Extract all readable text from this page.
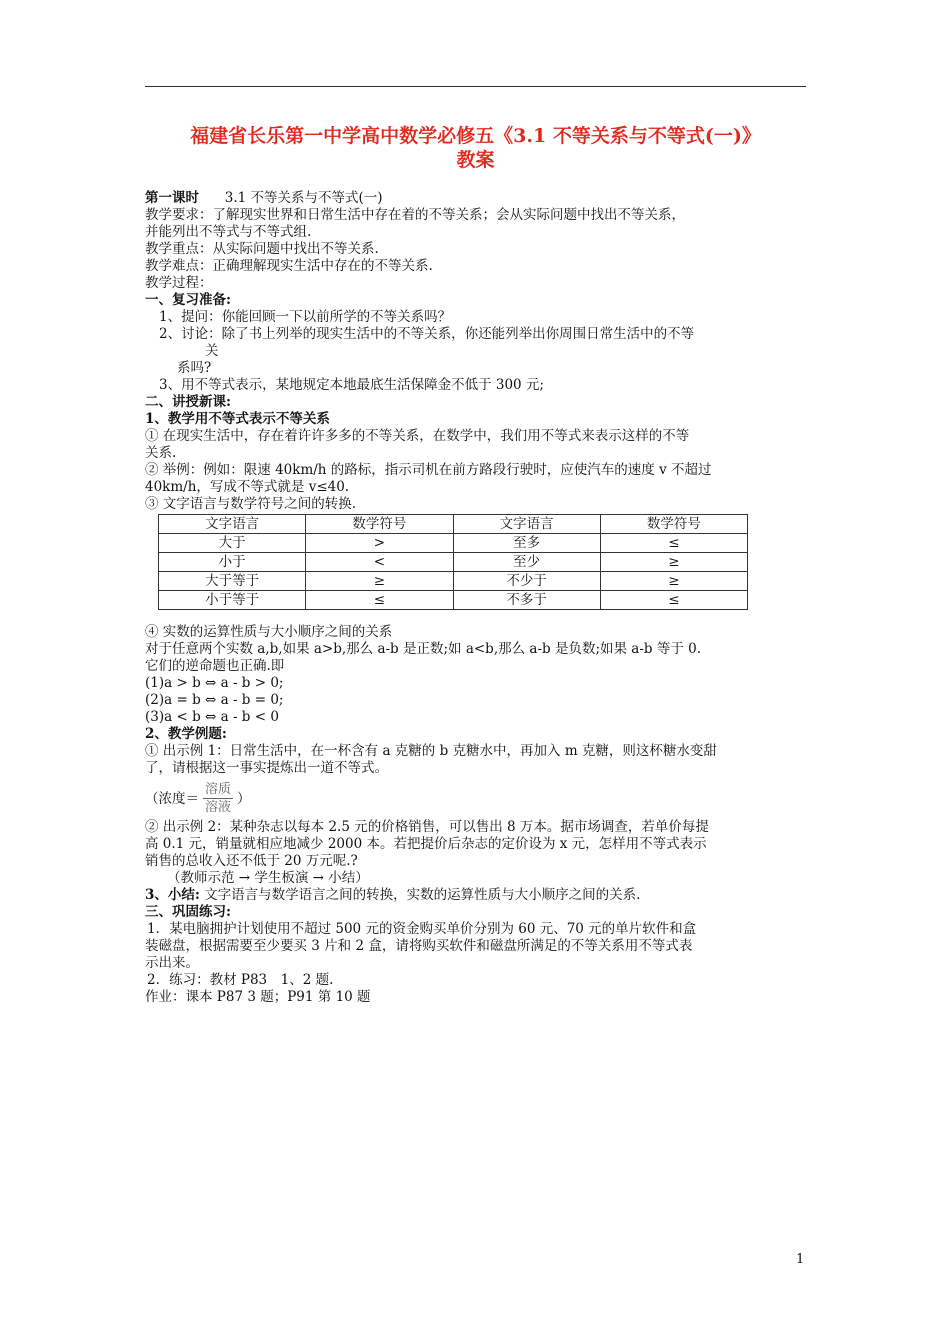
福建省长乐第一中学高中数学必修五《3.1 不等关系与不等式(一)》
教案

第一课时 3.1 不等关系与不等式(一)

教学要求：了解现实世界和日常生活中存在着的不等关系；会从实际问题中找出不等关系，

并能列出不等式与不等式组.

教学重点：从实际问题中找出不等关系.

教学难点：正确理解现实生活中存在的不等关系.

教学过程：

一、复习准备:

1、提问：你能回顾一下以前所学的不等关系吗？

2、讨论：除了书上列举的现实生活中的不等关系，你还能列举出你周围日常生活中的不等

关

系吗?

3、用不等式表示，某地规定本地最底生活保障金不低于 300 元;

二、讲授新课:

1、教学用不等式表示不等关系

① 在现实生活中，存在着许许多多的不等关系，在数学中，我们用不等式来表示这样的不等

关系.

② 举例：例如：限速 40km/h 的路标，指示司机在前方路段行驶时，应使汽车的速度 v 不超过

40km/h，写成不等式就是 v≤40.

③ 文字语言与数学符号之间的转换.

文字语言	数学符号	文字语言	数学符号
大于	>	至多	≤
小于	<	至少	≥
大于等于	≥	不少于	≥
小于等于	≤	不多于	≤

④ 实数的运算性质与大小顺序之间的关系

对于任意两个实数 a,b,如果 a>b,那么 a-b 是正数;如 a<b,那么 a-b 是负数;如果 a-b 等于 0.

它们的逆命题也正确.即

(1)a > b ⇔ a - b > 0;

(2)a = b ⇔ a - b = 0;

(3)a < b ⇔ a - b < 0

2、教学例题:

① 出示例 1：日常生活中，在一杯含有 a 克糖的 b 克糖水中，再加入 m 克糖，则这杯糖水变甜

了，请根据这一事实提炼出一道不等式。

（浓度＝ $\frac{\text{溶质}}{\text{溶液}}$ ）

② 出示例 2：某种杂志以每本 2.5 元的价格销售，可以售出 8 万本。据市场调查，若单价每提

高 0.1 元，销量就相应地减少 2000 本。若把提价后杂志的定价设为 x 元，怎样用不等式表示

销售的总收入还不低于 20 万元呢.?

（教师示范 → 学生板演 → 小结）

3、小结: 文字语言与数学语言之间的转换，实数的运算性质与大小顺序之间的关系.

三、巩固练习:

1．某电脑拥护计划使用不超过 500 元的资金购买单价分别为 60 元、70 元的单片软件和盒

装磁盘，根据需要至少要买 3 片和 2 盒，请将购买软件和磁盘所满足的不等关系用不等式表

示出来。

2．练习：教材 P83　1、2 题.

作业：课本 P87 3 题；P91 第 10 题

1
